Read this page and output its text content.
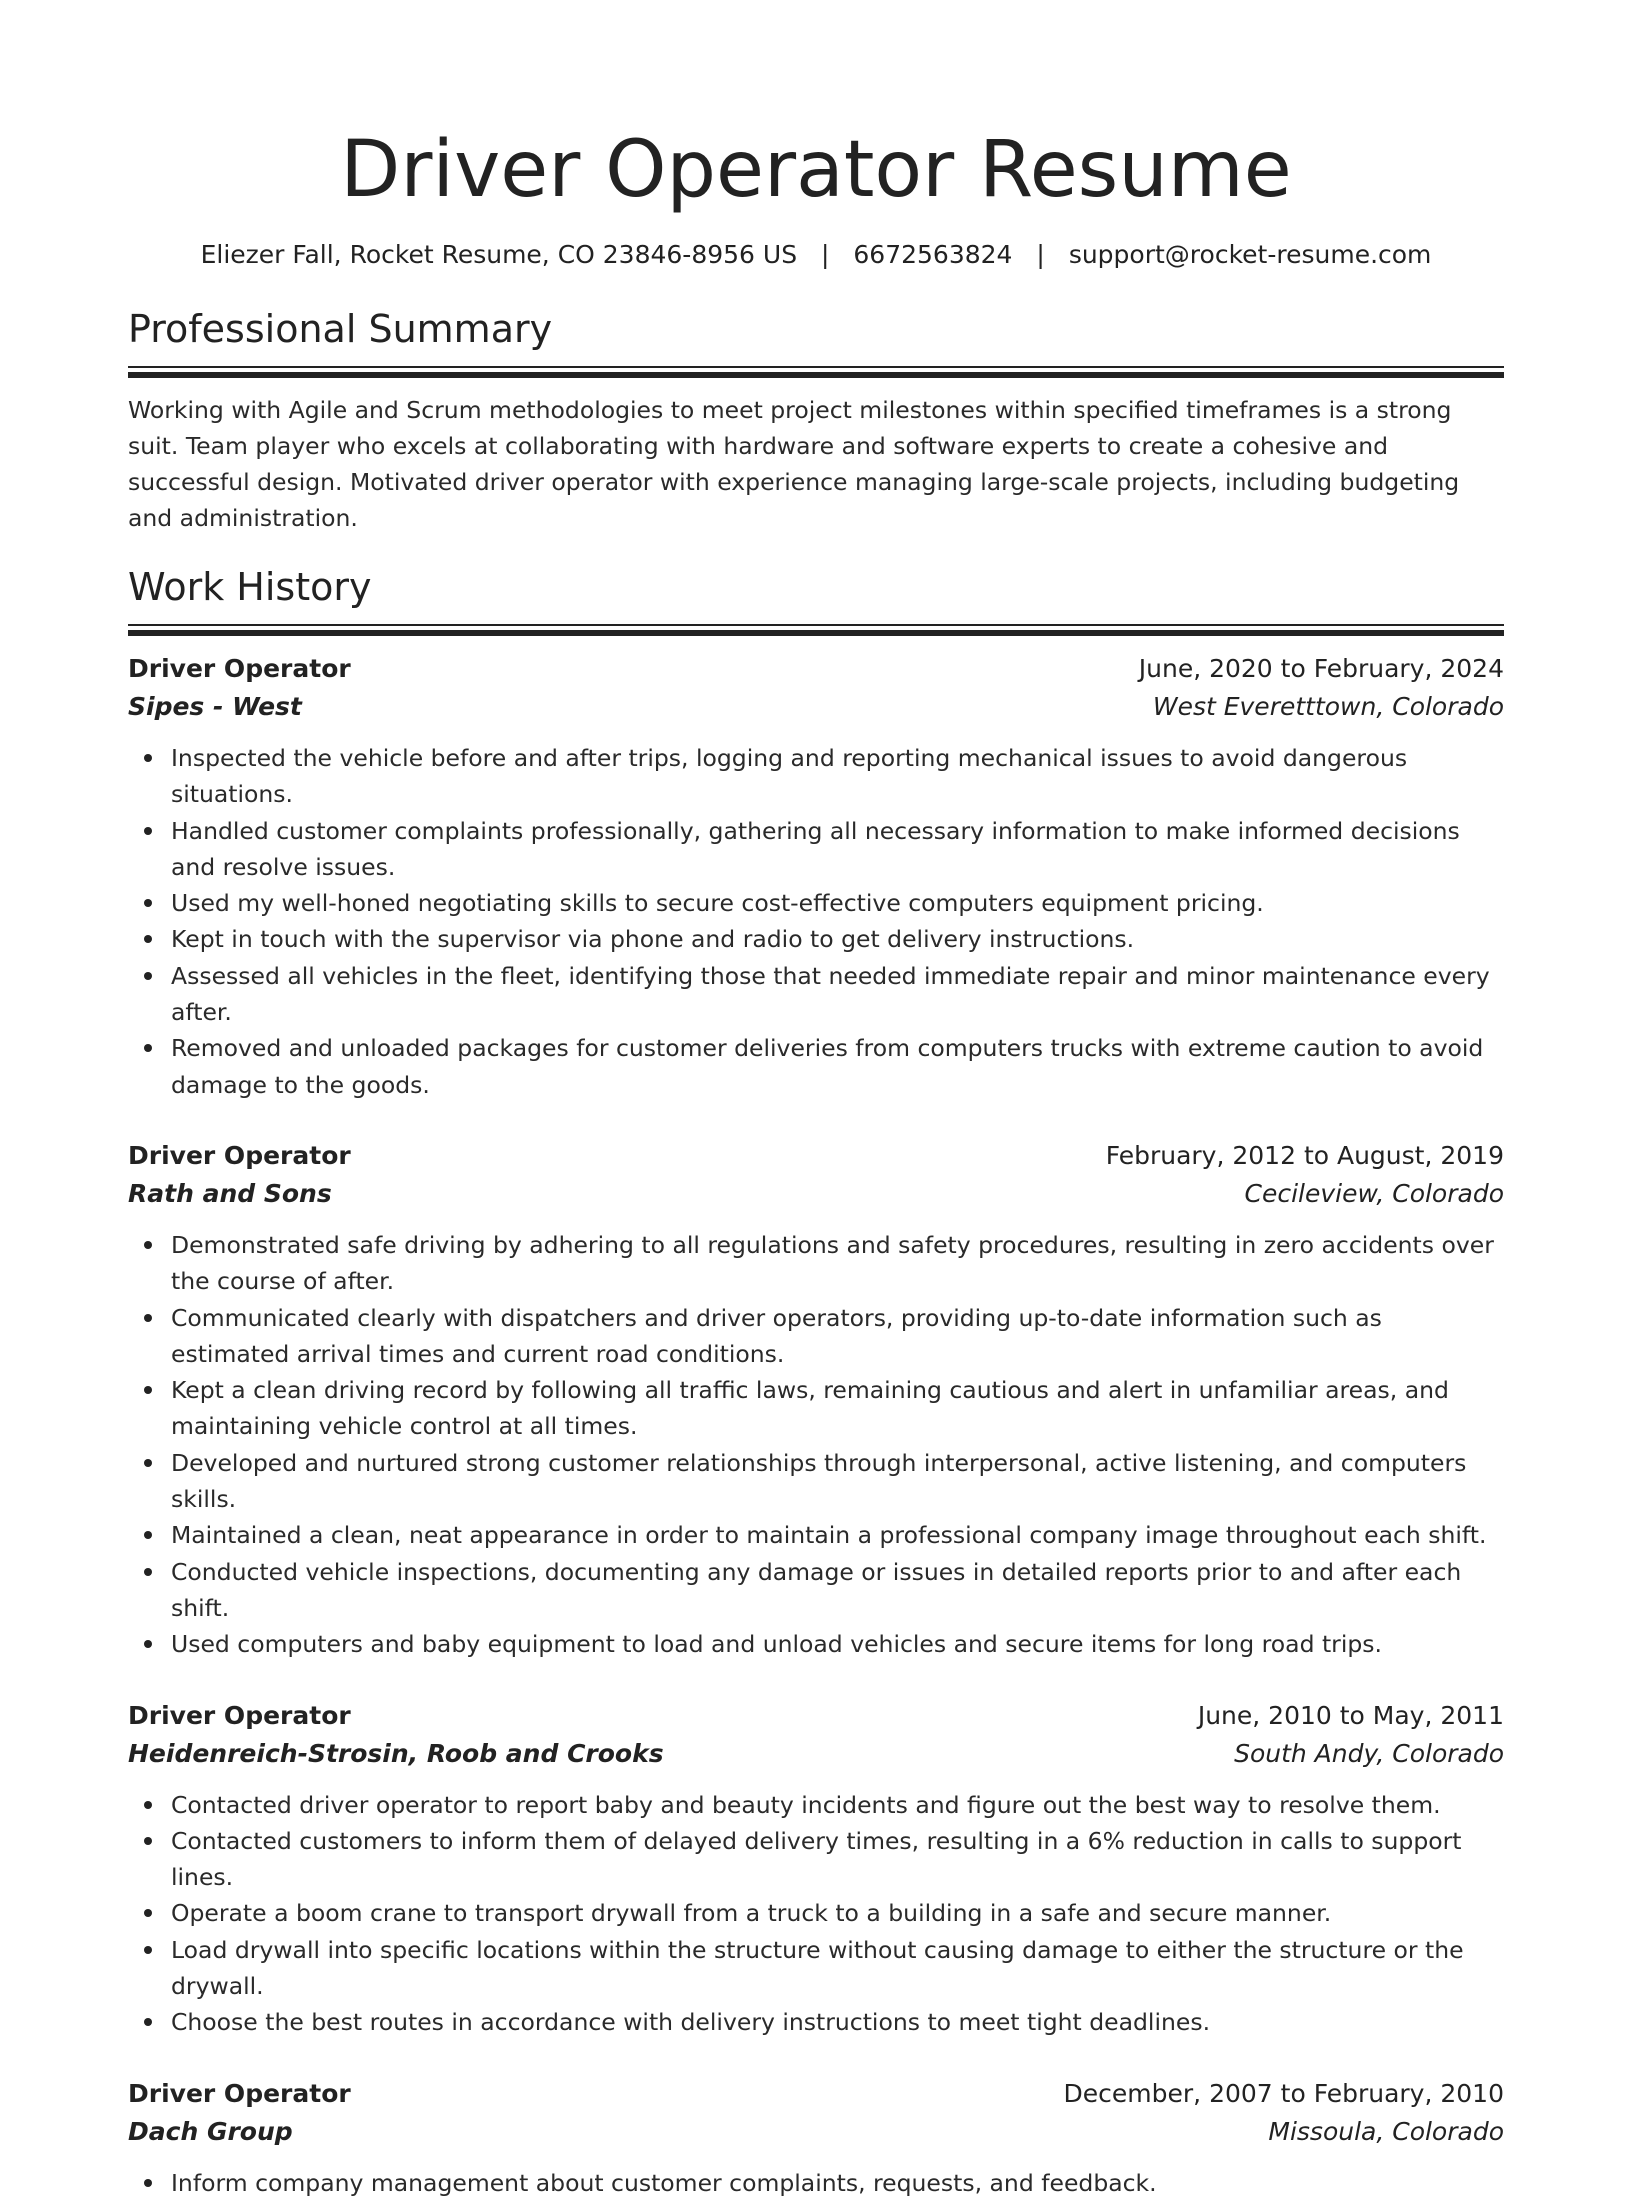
Driver Operator Resume
Eliezer Fall, Rocket Resume, CO 23846-8956 US | 6672563824 | support@rocket-resume.com
Professional Summary

Working with Agile and Scrum methodologies to meet project milestones within specified timeframes is a strong suit. Team player who excels at collaborating with hardware and software experts to create a cohesive and successful design. Motivated driver operator with experience managing large-scale projects, including budgeting and administration.

Work History
Driver Operator	June, 2020 to February, 2024
Sipes - West	West Everetttown, Colorado
Inspected the vehicle before and after trips, logging and reporting mechanical issues to avoid dangerous situations.
Handled customer complaints professionally, gathering all necessary information to make informed decisions and resolve issues.
Used my well-honed negotiating skills to secure cost-effective computers equipment pricing.
Kept in touch with the supervisor via phone and radio to get delivery instructions.
Assessed all vehicles in the fleet, identifying those that needed immediate repair and minor maintenance every after.
Removed and unloaded packages for customer deliveries from computers trucks with extreme caution to avoid damage to the goods.
Driver Operator	February, 2012 to August, 2019
Rath and Sons	Cecileview, Colorado
Demonstrated safe driving by adhering to all regulations and safety procedures, resulting in zero accidents over the course of after.
Communicated clearly with dispatchers and driver operators, providing up-to-date information such as estimated arrival times and current road conditions.
Kept a clean driving record by following all traffic laws, remaining cautious and alert in unfamiliar areas, and maintaining vehicle control at all times.
Developed and nurtured strong customer relationships through interpersonal, active listening, and computers skills.
Maintained a clean, neat appearance in order to maintain a professional company image throughout each shift.
Conducted vehicle inspections, documenting any damage or issues in detailed reports prior to and after each shift.
Used computers and baby equipment to load and unload vehicles and secure items for long road trips.
Driver Operator	June, 2010 to May, 2011
Heidenreich-Strosin, Roob and Crooks	South Andy, Colorado
Contacted driver operator to report baby and beauty incidents and figure out the best way to resolve them.
Contacted customers to inform them of delayed delivery times, resulting in a 6% reduction in calls to support lines.
Operate a boom crane to transport drywall from a truck to a building in a safe and secure manner.
Load drywall into specific locations within the structure without causing damage to either the structure or the drywall.
Choose the best routes in accordance with delivery instructions to meet tight deadlines.
Driver Operator	December, 2007 to February, 2010
Dach Group	Missoula, Colorado
Inform company management about customer complaints, requests, and feedback.
